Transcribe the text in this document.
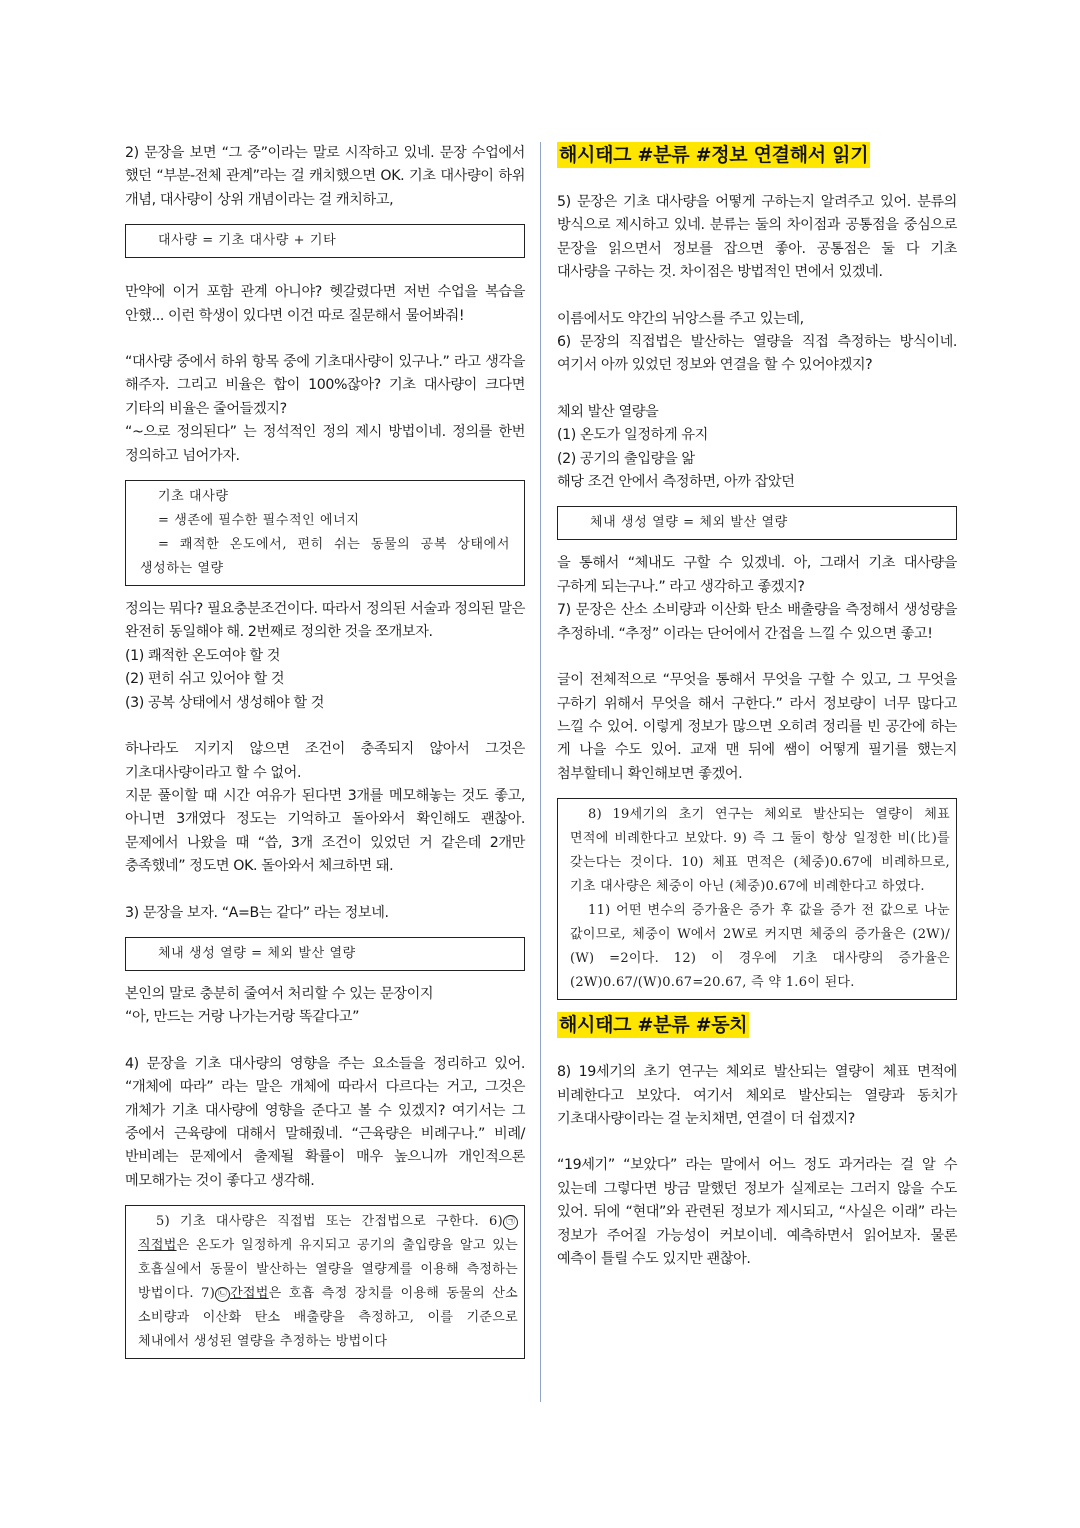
2) 문장을 보면 “그 중”이라는 말로 시작하고 있네. 문장 수업에서 했던 “부분-전체 관계”라는 걸 캐치했으면 OK. 기초 대사량이 하위 개념, 대사량이 상위 개념이라는 걸 캐치하고,

대사량 = 기초 대사량 + 기타

만약에 이거 포함 관계 아니야? 헷갈렸다면 저번 수업을 복습을 안했... 이런 학생이 있다면 이건 따로 질문해서 물어봐줘!

“대사량 중에서 하위 항목 중에 기초대사량이 있구나.” 라고 생각을 해주자. 그리고 비율은 합이 100%잖아? 기초 대사량이 크다면 기타의 비율은 줄어들겠지?

“~으로 정의된다” 는 정석적인 정의 제시 방법이네. 정의를 한번 정의하고 넘어가자.

기초 대사량

= 생존에 필수한 필수적인 에너지

= 쾌적한 온도에서, 편히 쉬는 동물의 공복 상태에서 생성하는 열량

정의는 뭐다? 필요충분조건이다. 따라서 정의된 서술과 정의된 말은 완전히 동일해야 해. 2번째로 정의한 것을 쪼개보자.

(1) 쾌적한 온도여야 할 것

(2) 편히 쉬고 있어야 할 것

(3) 공복 상태에서 생성해야 할 것

하나라도 지키지 않으면 조건이 충족되지 않아서 그것은 기초대사량이라고 할 수 없어.

지문 풀이할 때 시간 여유가 된다면 3개를 메모해놓는 것도 좋고, 아니면 3개였다 정도는 기억하고 돌아와서 확인해도 괜찮아. 문제에서 나왔을 때 “씁, 3개 조건이 있었던 거 같은데 2개만 충족했네” 정도면 OK. 돌아와서 체크하면 돼.

3) 문장을 보자. “A=B는 같다” 라는 정보네.

체내 생성 열량 = 체외 발산 열량

본인의 말로 충분히 줄여서 처리할 수 있는 문장이지

“아, 만드는 거랑 나가는거랑 똑같다고”

4) 문장을 기초 대사량의 영향을 주는 요소들을 정리하고 있어. “개체에 따라” 라는 말은 개체에 따라서 다르다는 거고, 그것은 개체가 기초 대사량에 영향을 준다고 볼 수 있겠지? 여기서는 그 중에서 근육량에 대해서 말해줬네. “근육량은 비례구나.” 비례/반비례는 문제에서 출제될 확률이 매우 높으니까 개인적으론 메모해가는 것이 좋다고 생각해.

5) 기초 대사량은 직접법 또는 간접법으로 구한다. 6) ㉠직접법은 온도가 일정하게 유지되고 공기의 출입량을 알고 있는 호흡실에서 동물이 발산하는 열량을 열량계를 이용해 측정하는 방법이다. 7) ㉡ 간접법은 호흡 측정 장치를 이용해 동물의 산소 소비량과 이산화 탄소 배출량을 측정하고, 이를 기준으로 체내에서 생성된 열량을 추정하는 방법이다

해시태그 #분류 #정보 연결해서 읽기

5) 문장은 기초 대사량을 어떻게 구하는지 알려주고 있어. 분류의 방식으로 제시하고 있네. 분류는 둘의 차이점과 공통점을 중심으로 문장을 읽으면서 정보를 잡으면 좋아. 공통점은 둘 다 기초 대사량을 구하는 것. 차이점은 방법적인 면에서 있겠네.

이름에서도 약간의 뉘앙스를 주고 있는데,

6) 문장의 직접법은 발산하는 열량을 직접 측정하는 방식이네. 여기서 아까 있었던 정보와 연결을 할 수 있어야겠지?

체외 발산 열량을

(1) 온도가 일정하게 유지

(2) 공기의 출입량을 앎

해당 조건 안에서 측정하면, 아까 잡았던

체내 생성 열량 = 체외 발산 열량

을 통해서 “체내도 구할 수 있겠네. 아, 그래서 기초 대사량을 구하게 되는구나.” 라고 생각하고 좋겠지?

7) 문장은 산소 소비량과 이산화 탄소 배출량을 측정해서 생성량을 추정하네. “추정” 이라는 단어에서 간접을 느낄 수 있으면 좋고!

글이 전체적으로 “무엇을 통해서 무엇을 구할 수 있고, 그 무엇을 구하기 위해서 무엇을 해서 구한다.” 라서 정보량이 너무 많다고 느낄 수 있어. 이렇게 정보가 많으면 오히려 정리를 빈 공간에 하는 게 나을 수도 있어. 교재 맨 뒤에 쌤이 어떻게 필기를 했는지 첨부할테니 확인해보면 좋겠어.

8) 19세기의 초기 연구는 체외로 발산되는 열량이 체표 면적에 비례한다고 보았다. 9) 즉 그 둘이 항상 일정한 비(比)를 갖는다는 것이다. 10) 체표 면적은 (체중)0.67에 비례하므로, 기초 대사량은 체중이 아닌 (체중)0.67에 비례한다고 하였다.

11) 어떤 변수의 증가율은 증가 후 값을 증가 전 값으로 나눈 값이므로, 체중이 W에서 2W로 커지면 체중의 증가율은 (2W)/ (W) =2이다. 12) 이 경우에 기초 대사량의 증가율은 (2W)0.67/(W)0.67=20.67, 즉 약 1.6이 된다.

해시태그 #분류 #동치

8) 19세기의 초기 연구는 체외로 발산되는 열량이 체표 면적에 비례한다고 보았다. 여기서 체외로 발산되는 열량과 동치가 기초대사량이라는 걸 눈치채면, 연결이 더 쉽겠지?

“19세기” “보았다” 라는 말에서 어느 정도 과거라는 걸 알 수 있는데 그렇다면 방금 말했던 정보가 실제로는 그러지 않을 수도 있어. 뒤에 “현대”와 관련된 정보가 제시되고, “사실은 이래” 라는 정보가 주어질 가능성이 커보이네. 예측하면서 읽어보자. 물론 예측이 틀릴 수도 있지만 괜찮아.
